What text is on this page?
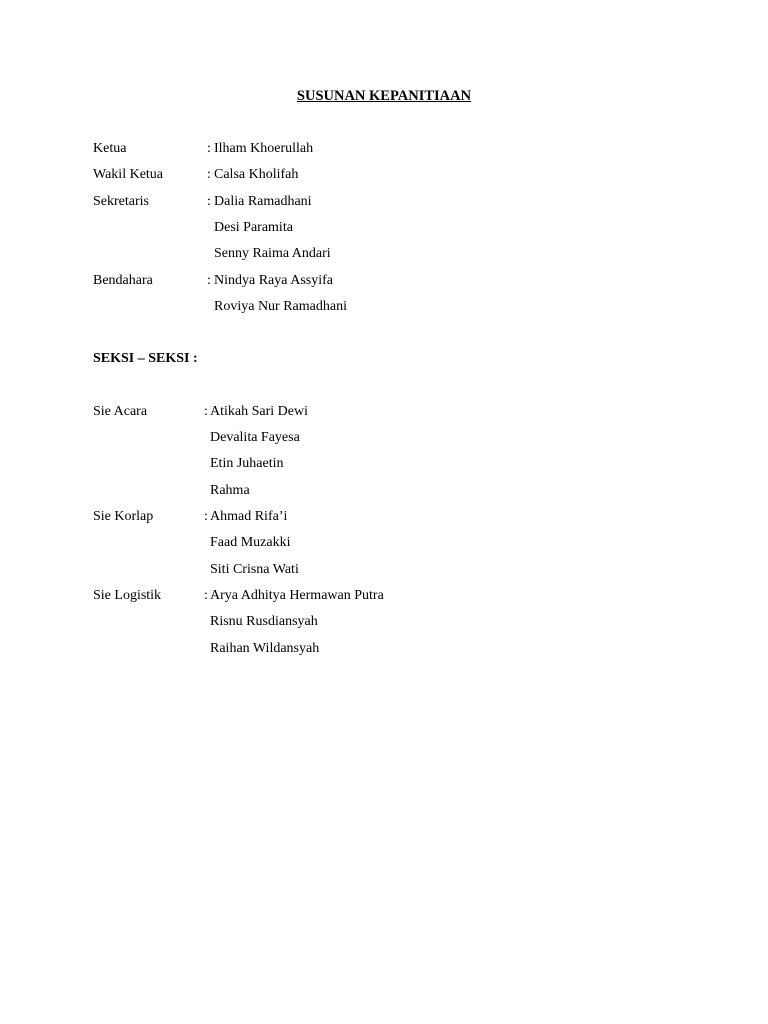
SUSUNAN KEPANITIAAN
Ketua	: Ilham Khoerullah
Wakil Ketua	: Calsa Kholifah
Sekretaris	: Dalia Ramadhani
Desi Paramita
Senny Raima Andari
Bendahara	: Nindya Raya Assyifa
Roviya Nur Ramadhani
SEKSI – SEKSI :
Sie Acara	: Atikah Sari Dewi
Devalita Fayesa
Etin Juhaetin
Rahma
Sie Korlap	: Ahmad Rifa’i
Faad Muzakki
Siti Crisna Wati
Sie Logistik	: Arya Adhitya Hermawan Putra
Risnu Rusdiansyah
Raihan Wildansyah
